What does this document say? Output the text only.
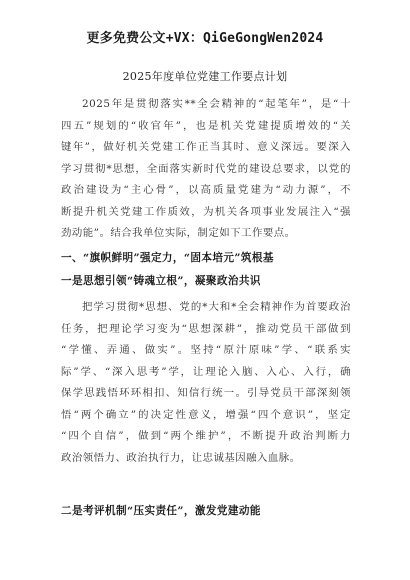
更多免费公文+VX：QiGeGongWen2024
2025年度单位党建工作要点计划
2025年是贯彻落实**全会精神的“起笔年”，是“十
四五”规划的“收官年”，也是机关党建提质增效的“关
键年”，做好机关党建工作正当其时、意义深远。要深入
学习贯彻*思想，全面落实新时代党的建设总要求，以党的
政治建设为“主心骨”，以高质量党建为“动力源”，不
断提升机关党建工作质效，为机关各项事业发展注入“强
劲动能”。结合我单位实际，制定如下工作要点。
一、“旗帜鲜明”强定力，“固本培元”筑根基
一是思想引领“铸魂立根”，凝聚政治共识
把学习贯彻*思想、党的*大和*全会精神作为首要政治
任务，把理论学习变为“思想深耕”，推动党员干部做到
“学懂、弄通、做实”。坚持“原汁原味”学、“联系实
际”学、“深入思考”学，让理论入脑、入心、入行，确
保学思践悟环环相扣、知信行统一。引导党员干部深刻领
悟“两个确立”的决定性意义，增强“四个意识”，坚定
“四个自信”，做到“两个维护”，不断提升政治判断力
政治领悟力、政治执行力，让忠诚基因融入血脉。
二是考评机制“压实责任”，激发党建动能
